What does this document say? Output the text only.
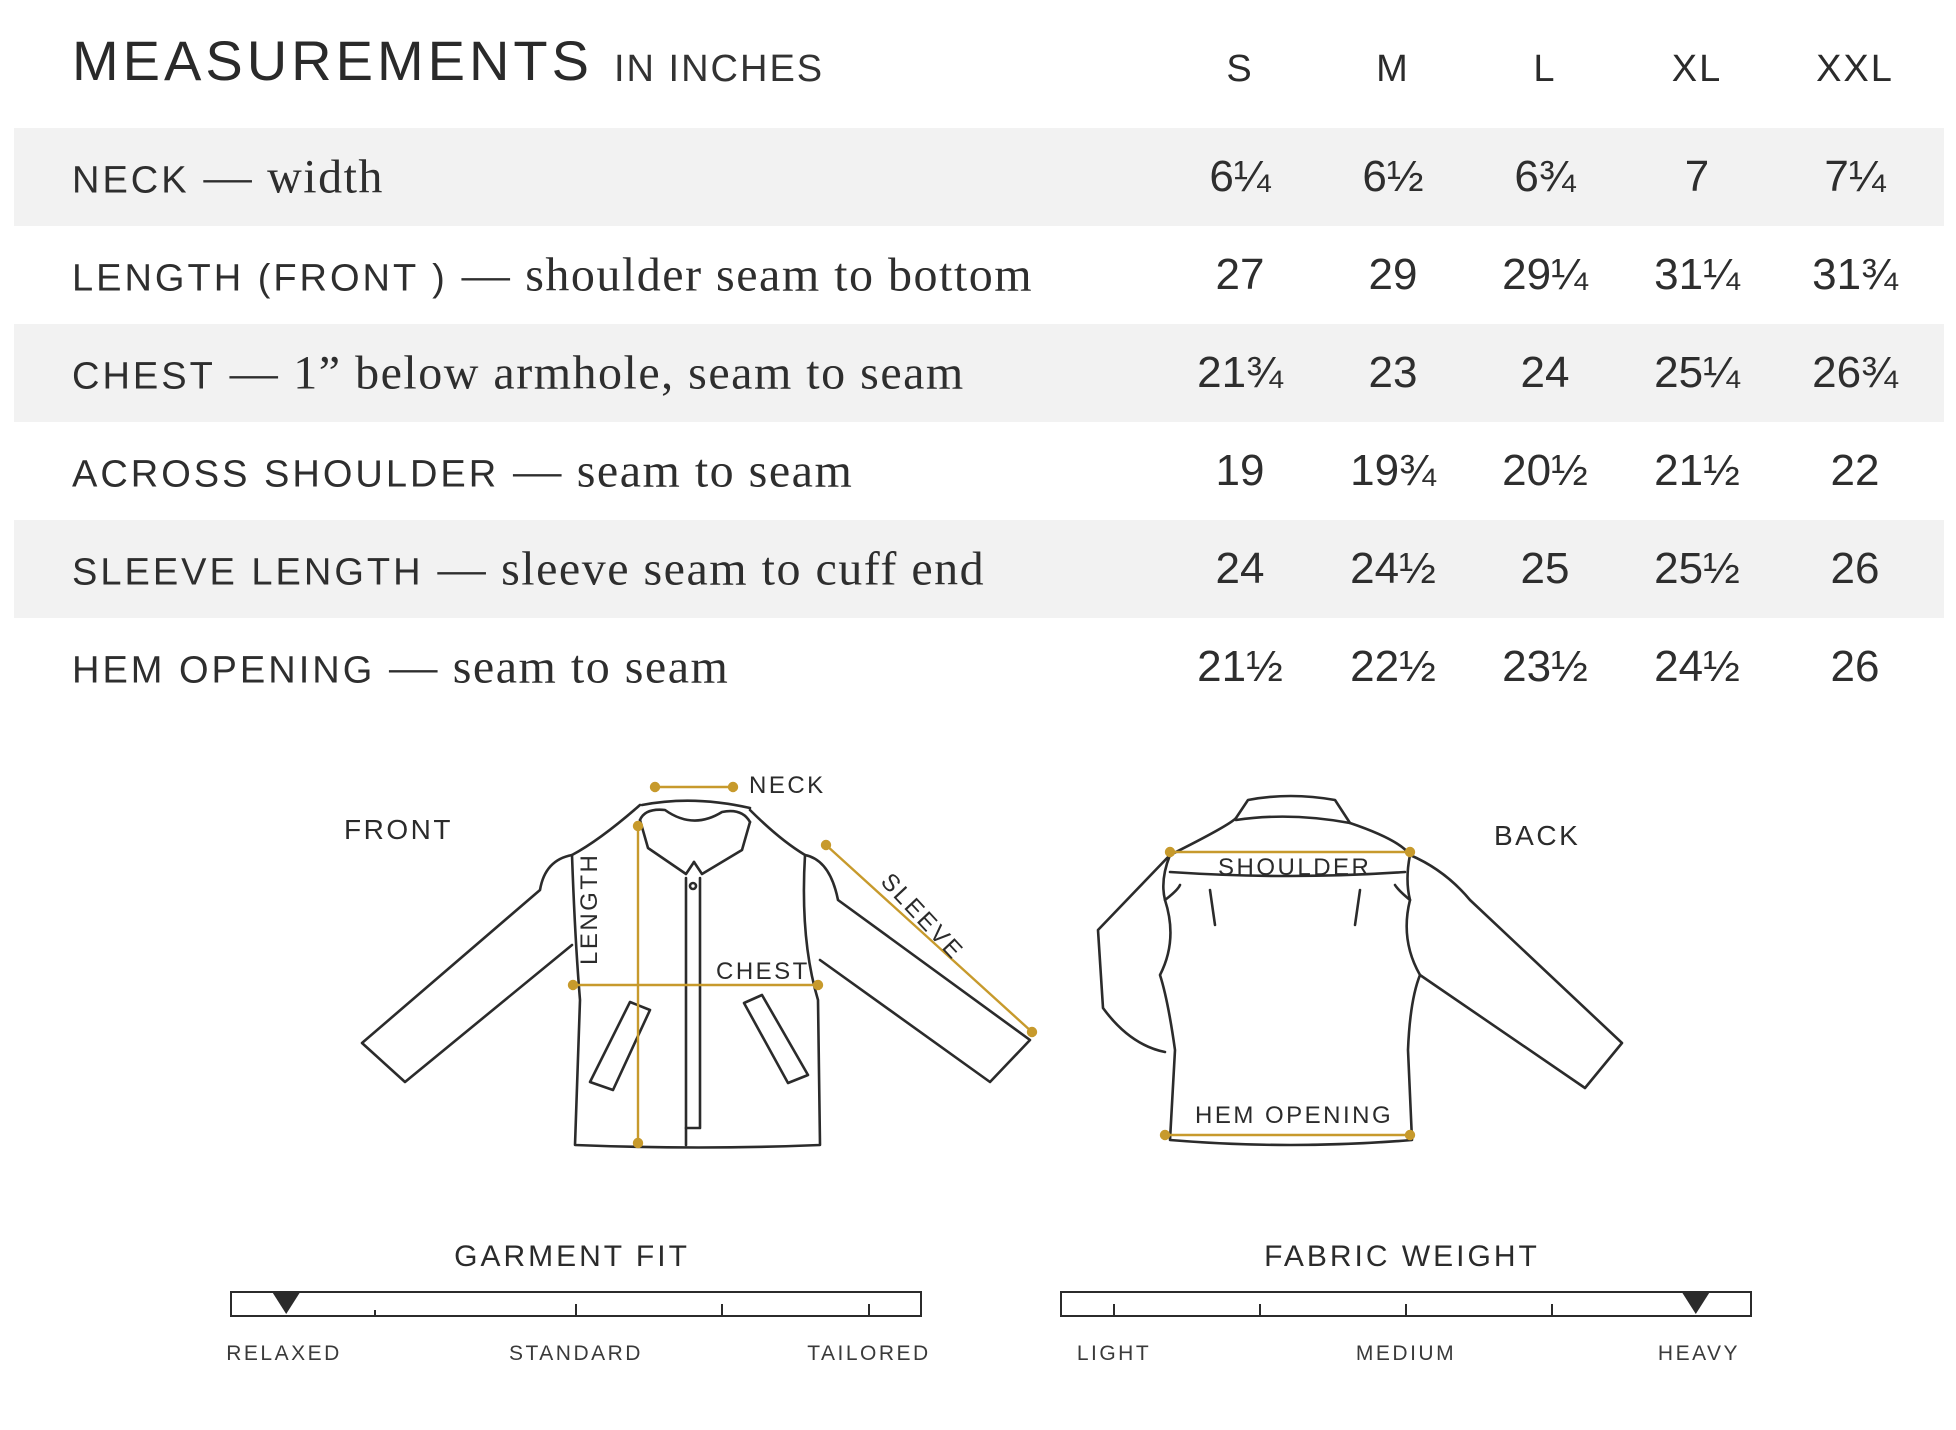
MEASUREMENTS IN INCHES	S	M	L	XL	XXL
NECK — width	6¼ 6½ 6¾ 7	7¼
LENGTH (FRONT ) — shoulder seam to bottom	27 29 29¼ 31¼ 31¾
CHEST — 1” below armhole, seam to seam	21¾ 23 24 25¼ 26¾
ACROSS SHOULDER — seam to seam	19 19¾ 20½ 21½ 22
SLEEVE LENGTH — sleeve seam to cuff end	24 24½ 25 25½ 26
HEM OPENING — seam to seam	21½ 22½ 23½ 24½ 26
FRONT	BACK
NECK
LENGTH
CHEST
SLEEVE
SHOULDER
HEM OPENING
GARMENT FIT
RELAXED	STANDARD	TAILORED
FABRIC WEIGHT
LIGHT	MEDIUM	HEAVY
